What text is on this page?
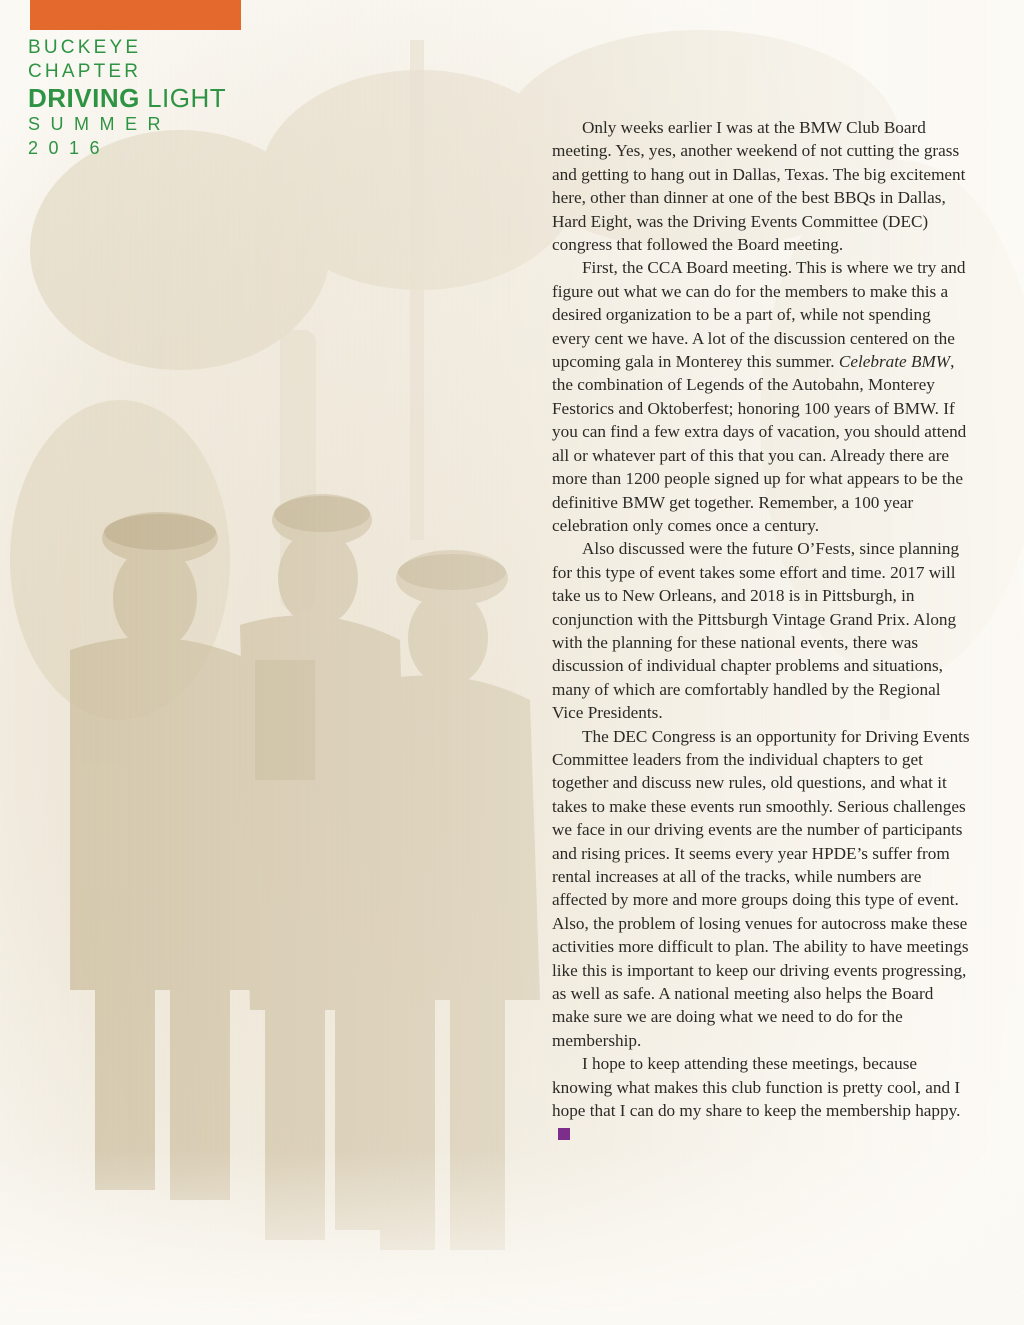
BUCKEYE CHAPTER
DRIVING LIGHT
SUMMER 2016

Only weeks earlier I was at the BMW Club Board meeting. Yes, yes, another weekend of not cutting the grass and getting to hang out in Dallas, Texas. The big excitement here, other than dinner at one of the best BBQs in Dallas, Hard Eight, was the Driving Events Committee (DEC) congress that followed the Board meeting.

First, the CCA Board meeting. This is where we try and figure out what we can do for the members to make this a desired organization to be a part of, while not spending every cent we have. A lot of the discussion centered on the upcoming gala in Monterey this summer. Celebrate BMW, the combination of Legends of the Autobahn, Monterey Festorics and Oktoberfest; honoring 100 years of BMW. If you can find a few extra days of vacation, you should attend all or whatever part of this that you can. Already there are more than 1200 people signed up for what appears to be the definitive BMW get together. Remember, a 100 year celebration only comes once a century.

Also discussed were the future O’Fests, since planning for this type of event takes some effort and time. 2017 will take us to New Orleans, and 2018 is in Pittsburgh, in conjunction with the Pittsburgh Vintage Grand Prix. Along with the planning for these national events, there was discussion of individual chapter problems and situations, many of which are comfortably handled by the Regional Vice Presidents.

The DEC Congress is an opportunity for Driving Events Committee leaders from the individual chapters to get together and discuss new rules, old questions, and what it takes to make these events run smoothly. Serious challenges we face in our driving events are the number of participants and rising prices. It seems every year HPDE’s suffer from rental increases at all of the tracks, while numbers are affected by more and more groups doing this type of event. Also, the problem of losing venues for autocross make these activities more difficult to plan. The ability to have meetings like this is important to keep our driving events progressing, as well as safe. A national meeting also helps the Board make sure we are doing what we need to do for the membership.

I hope to keep attending these meetings, because knowing what makes this club function is pretty cool, and I hope that I can do my share to keep the membership happy.
